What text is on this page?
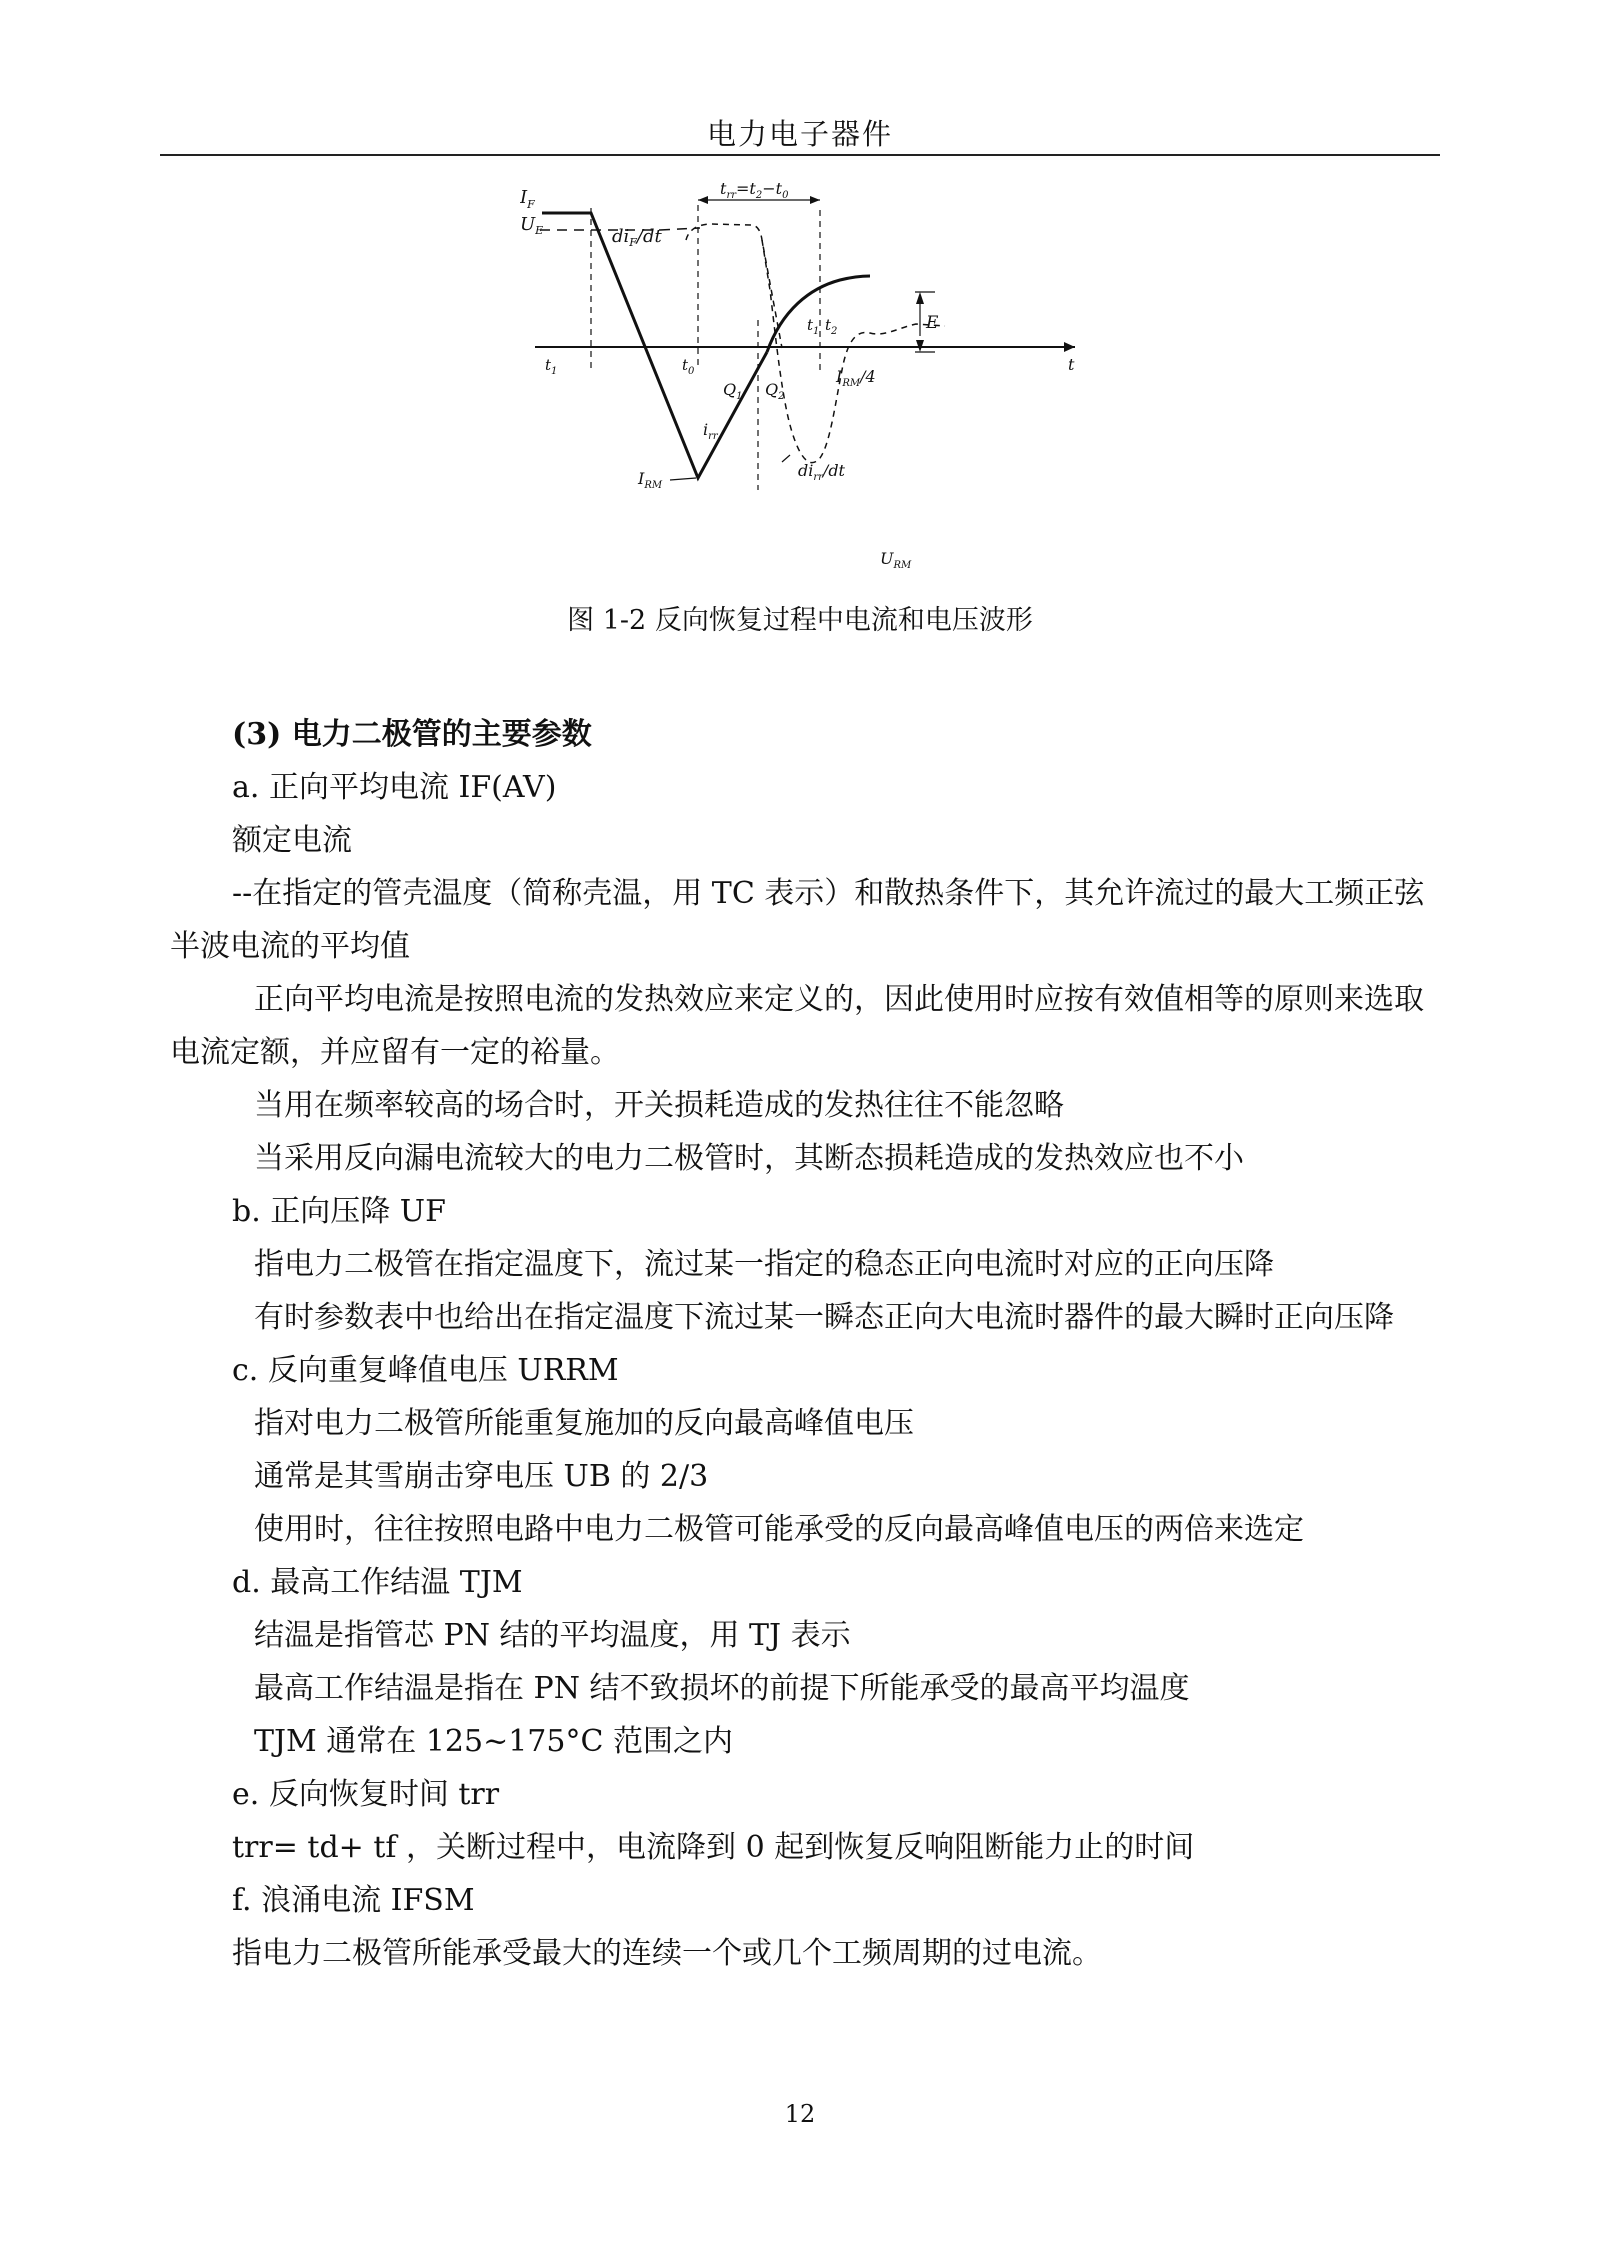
电力电子器件
$I_F$
$di_F/dt$
$t_{rr}=t_2-t_0$
$U_E$
$t_1$	$t_0$
$t_1$ $t_2$
t
$Q_1$ $Q_2$
$I_{RM}/4$
E
$i_{rr}$
$I_{RM}$
$di_{rr}/dt$
$U_{RM}$
图 1-2 反向恢复过程中电流和电压波形
(3) 电力二极管的主要参数
a. 正向平均电流 IF(AV)
额定电流
--在指定的管壳温度（简称壳温，用 TC 表示）和散热条件下，其允许流过的最大工频正弦半波电流的平均值
正向平均电流是按照电流的发热效应来定义的，因此使用时应按有效值相等的原则来选取电流定额，并应留有一定的裕量。
当用在频率较高的场合时，开关损耗造成的发热往往不能忽略
当采用反向漏电流较大的电力二极管时，其断态损耗造成的发热效应也不小
b. 正向压降 UF
指电力二极管在指定温度下，流过某一指定的稳态正向电流时对应的正向压降
有时参数表中也给出在指定温度下流过某一瞬态正向大电流时器件的最大瞬时正向压降
c. 反向重复峰值电压 URRM
指对电力二极管所能重复施加的反向最高峰值电压
通常是其雪崩击穿电压 UB 的 2/3
使用时，往往按照电路中电力二极管可能承受的反向最高峰值电压的两倍来选定
d. 最高工作结温 TJM
结温是指管芯 PN 结的平均温度，用 TJ 表示
最高工作结温是指在 PN 结不致损坏的前提下所能承受的最高平均温度
TJM 通常在 125~175°C 范围之内
e. 反向恢复时间 trr
trr= td+ tf ，关断过程中，电流降到 0 起到恢复反响阻断能力止的时间
f. 浪涌电流 IFSM
指电力二极管所能承受最大的连续一个或几个工频周期的过电流。
12
